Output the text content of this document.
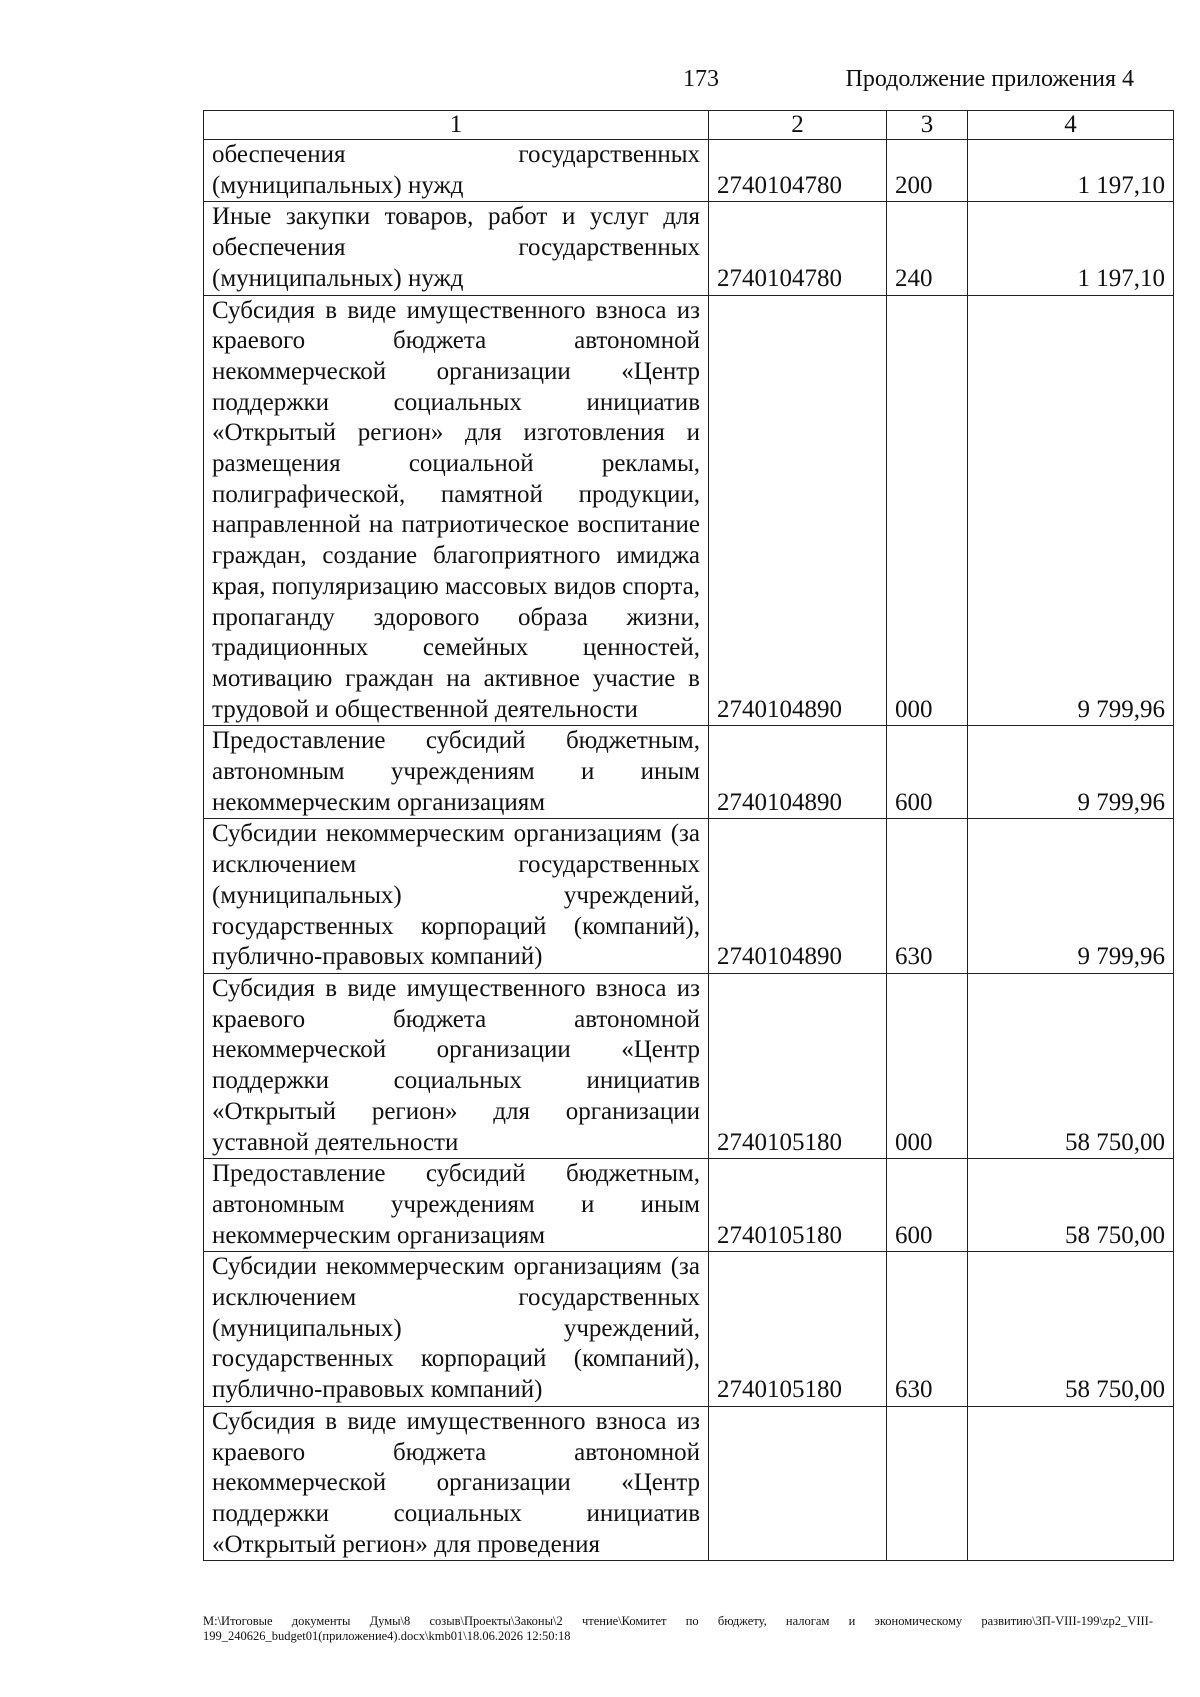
173	Продолжение приложения 4
1	2	3	4
обеспечения государственных (муниципальных) нужд	2740104780	200	1 197,10
Иные закупки товаров, работ и услуг для обеспечения государственных (муниципальных) нужд	2740104780	240	1 197,10
Субсидия в виде имущественного взноса из краевого бюджета автономной некоммерческой организации «Центр поддержки социальных инициатив «Открытый регион» для изготовления и размещения социальной рекламы, полиграфической, памятной продукции, направленной на патриотическое воспитание граждан, создание благоприятного имиджа края, популяризацию массовых видов спорта, пропаганду здорового образа жизни, традиционных семейных ценностей, мотивацию граждан на активное участие в трудовой и общественной деятельности	2740104890	000	9 799,96
Предоставление субсидий бюджетным, автономным учреждениям и иным некоммерческим организациям	2740104890	600	9 799,96
Субсидии некоммерческим организациям (за исключением государственных (муниципальных) учреждений, государственных корпораций (компаний), публично-правовых компаний)	2740104890	630	9 799,96
Субсидия в виде имущественного взноса из краевого бюджета автономной некоммерческой организации «Центр поддержки социальных инициатив «Открытый регион» для организации уставной деятельности	2740105180	000	58 750,00
Предоставление субсидий бюджетным, автономным учреждениям и иным некоммерческим организациям	2740105180	600	58 750,00
Субсидии некоммерческим организациям (за исключением государственных (муниципальных) учреждений, государственных корпораций (компаний), публично-правовых компаний)	2740105180	630	58 750,00
Субсидия в виде имущественного взноса из краевого бюджета автономной некоммерческой организации «Центр поддержки социальных инициатив «Открытый регион» для проведения			
M:\Итоговые документы Думы\8 созыв\Проекты\Законы\2 чтение\Комитет по бюджету, налогам и экономическому развитию\ЗП-VIII-199\zp2_VIII-199_240626_budget01(приложение4).docx\kmb01\18.06.2026 12:50:18
